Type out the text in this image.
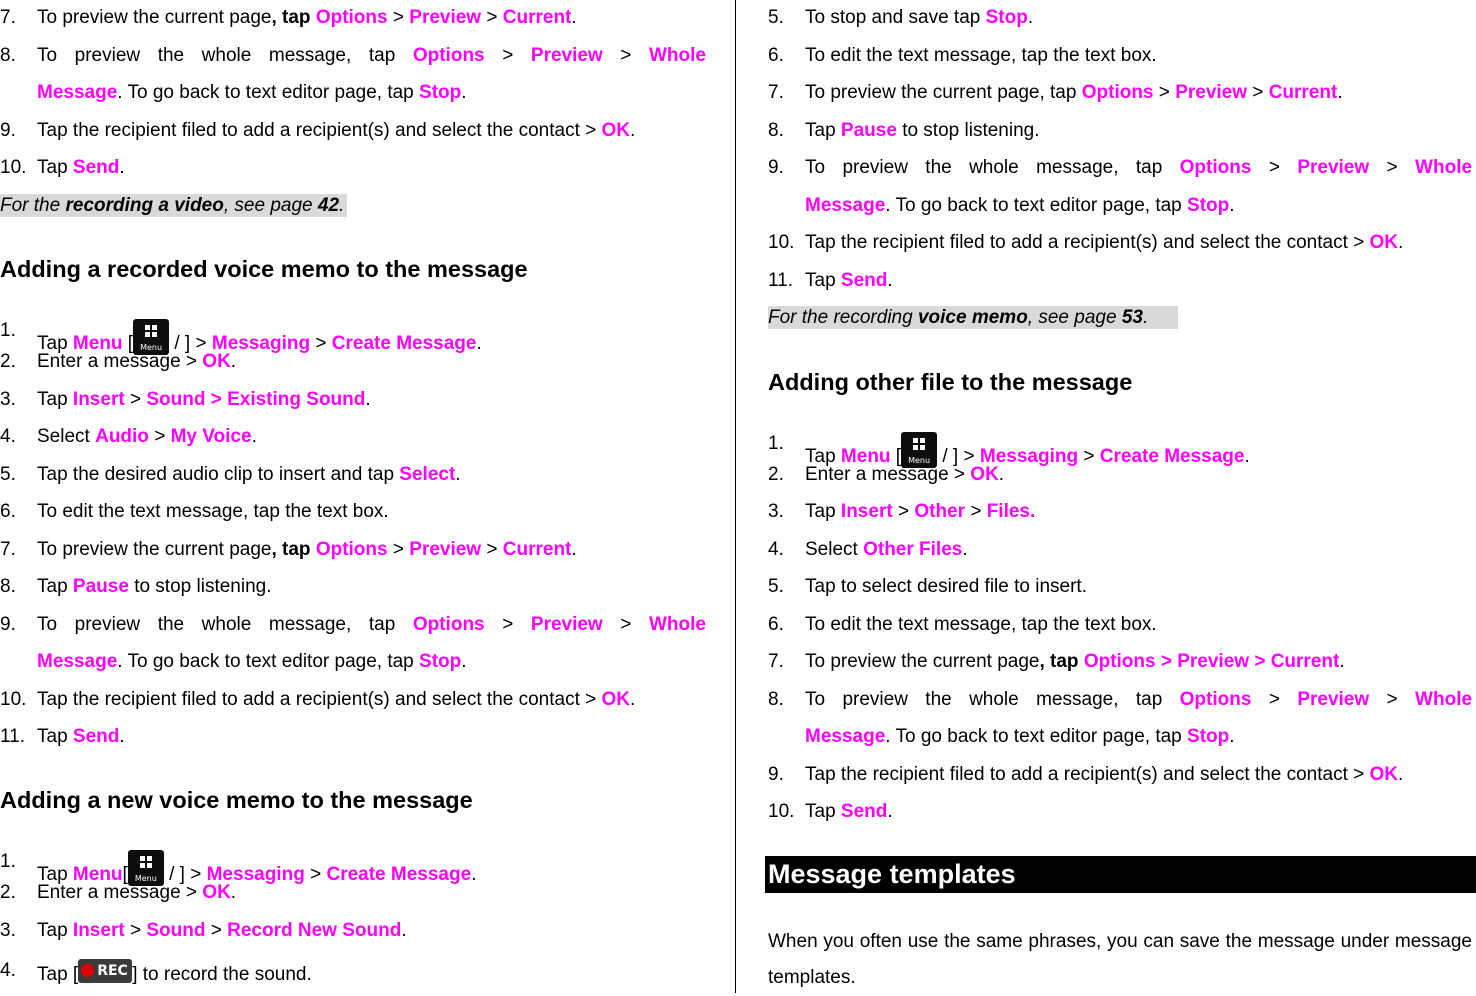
7. To preview the current page, tap Options > Preview > Current.
8. To preview the whole message, tap Options > Preview > Whole
Message. To go back to text editor page, tap Stop.
9. Tap the recipient filed to add a recipient(s) and select the contact > OK.
10. Tap Send.
For the recording a video, see page 42.
Adding a recorded voice memo to the message
1.
Tap Menu [ Menu / ] > Messaging > Create Message.
2. Enter a message > OK.
3. Tap Insert > Sound > Existing Sound.
4. Select Audio > My Voice.
5. Tap the desired audio clip to insert and tap Select.
6. To edit the text message, tap the text box.
7. To preview the current page, tap Options > Preview > Current.
8. Tap Pause to stop listening.
9. To preview the whole message, tap Options > Preview > Whole
Message. To go back to text editor page, tap Stop.
10. Tap the recipient filed to add a recipient(s) and select the contact > OK.
11. Tap Send.
Adding a new voice memo to the message
1.
Tap Menu[ Menu / ] > Messaging > Create Message.
2. Enter a message > OK.
3. Tap Insert > Sound > Record New Sound.
4. Tap [ REC ] to record the sound.
5. To stop and save tap Stop.
6. To edit the text message, tap the text box.
7. To preview the current page, tap Options > Preview > Current.
8. Tap Pause to stop listening.
9. To preview the whole message, tap Options > Preview > Whole
Message. To go back to text editor page, tap Stop.
10. Tap the recipient filed to add a recipient(s) and select the contact > OK.
11. Tap Send.
For the recording voice memo, see page 53.
Adding other file to the message
1.
Tap Menu [ Menu / ] > Messaging > Create Message.
2. Enter a message > OK.
3. Tap Insert > Other > Files.
4. Select Other Files.
5. Tap to select desired file to insert.
6. To edit the text message, tap the text box.
7. To preview the current page, tap Options > Preview > Current.
8. To preview the whole message, tap Options > Preview > Whole
Message. To go back to text editor page, tap Stop.
9. Tap the recipient filed to add a recipient(s) and select the contact > OK.
10. Tap Send.
Message templates
When you often use the same phrases, you can save the message under message templates.
